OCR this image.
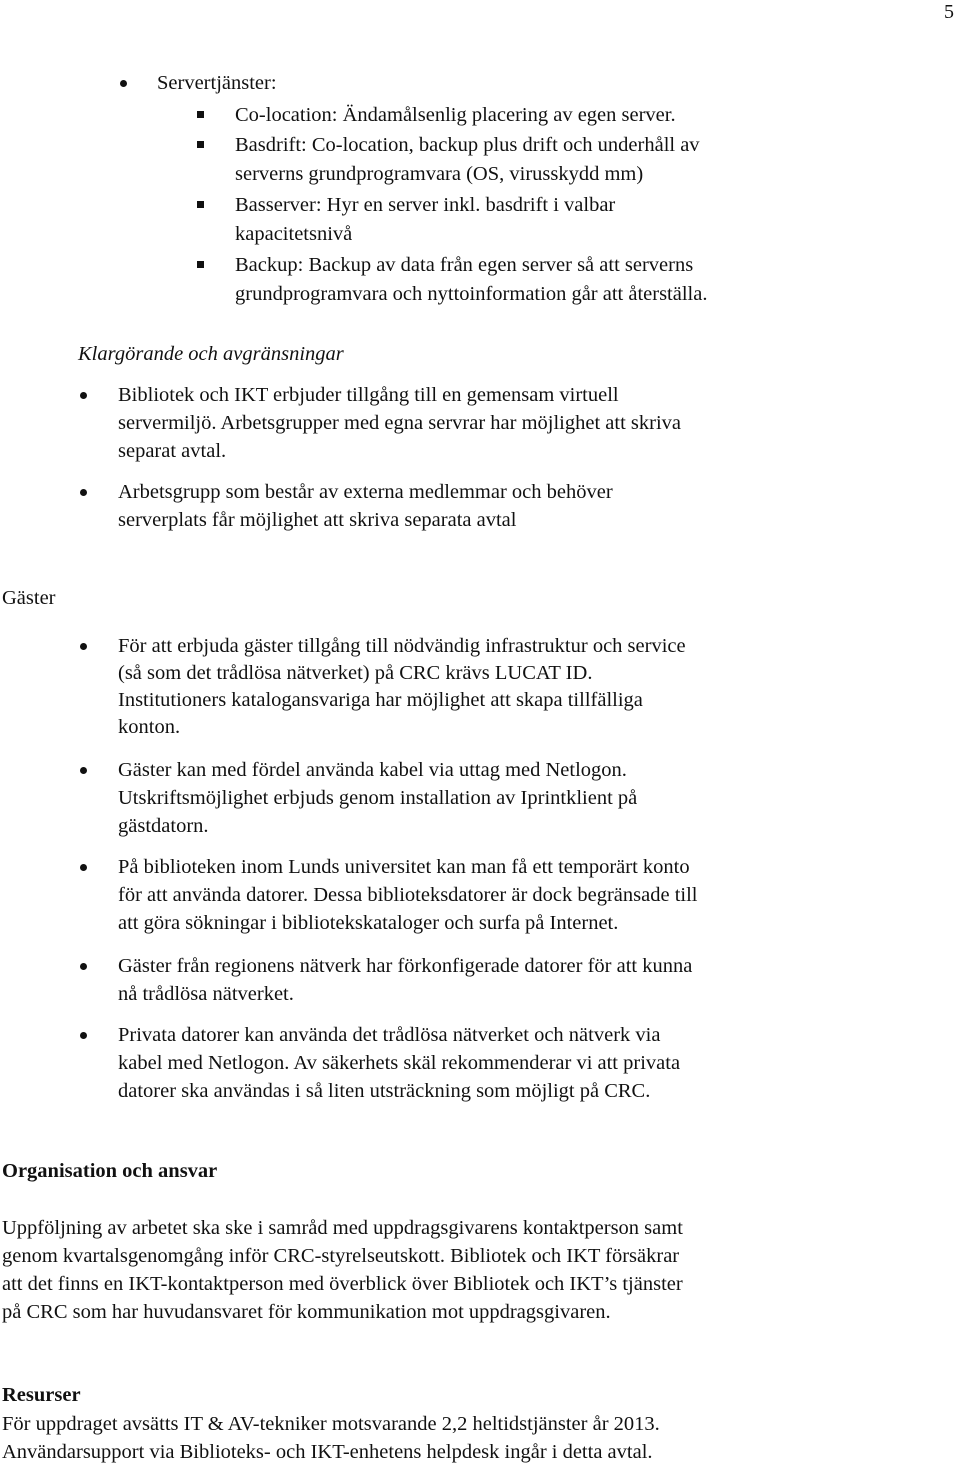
5
Servertjänster:
Co-location: Ändamålsenlig placering av egen server.
Basdrift: Co-location, backup plus drift och underhåll av
serverns grundprogramvara (OS, virusskydd mm)
Basserver: Hyr en server inkl. basdrift i valbar
kapacitetsnivå
Backup: Backup av data från egen server så att serverns
grundprogramvara och nyttoinformation går att återställa.
Klargörande och avgränsningar
Bibliotek och IKT erbjuder tillgång till en gemensam virtuell
servermiljö. Arbetsgrupper med egna servrar har möjlighet att skriva
separat avtal.
Arbetsgrupp som består av externa medlemmar och behöver
serverplats får möjlighet att skriva separata avtal
Gäster
För att erbjuda gäster tillgång till nödvändig infrastruktur och service
(så som det trådlösa nätverket) på CRC krävs LUCAT ID.
Institutioners katalogansvariga har möjlighet att skapa tillfälliga
konton.
Gäster kan med fördel använda kabel via uttag med Netlogon.
Utskriftsmöjlighet erbjuds genom installation av Iprintklient på
gästdatorn.
På biblioteken inom Lunds universitet kan man få ett temporärt konto
för att använda datorer. Dessa biblioteksdatorer är dock begränsade till
att göra sökningar i bibliotekskataloger och surfa på Internet.
Gäster från regionens nätverk har förkonfigerade datorer för att kunna
nå trådlösa nätverket.
Privata datorer kan använda det trådlösa nätverket och nätverk via
kabel med Netlogon. Av säkerhets skäl rekommenderar vi att privata
datorer ska användas i så liten utsträckning som möjligt på CRC.
Organisation och ansvar
Uppföljning av arbetet ska ske i samråd med uppdragsgivarens kontaktperson samt
genom kvartalsgenomgång inför CRC-styrelseutskott. Bibliotek och IKT försäkrar
att det finns en IKT-kontaktperson med överblick över Bibliotek och IKT’s tjänster
på CRC som har huvudansvaret för kommunikation mot uppdragsgivaren.
Resurser
För uppdraget avsätts IT & AV-tekniker motsvarande 2,2 heltidstjänster år 2013.
Användarsupport via Biblioteks- och IKT-enhetens helpdesk ingår i detta avtal.
